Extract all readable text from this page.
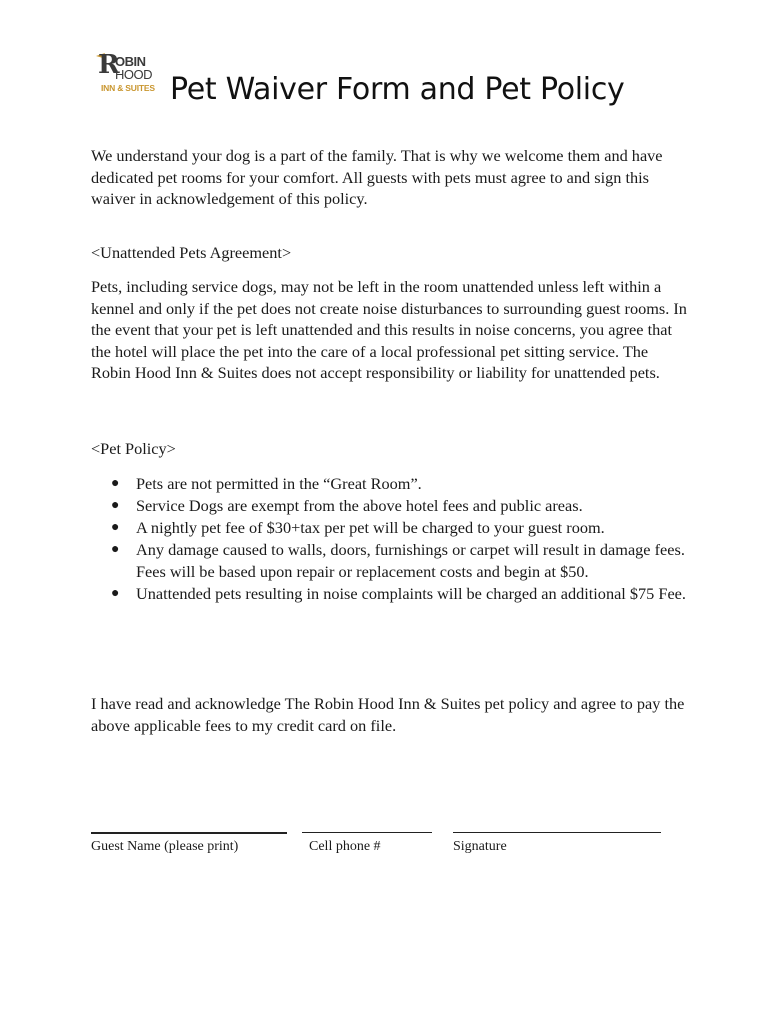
R
OBIN
HOOD
INN & SUITES Pet Waiver Form and Pet Policy
We understand your dog is a part of the family. That is why we welcome them and have dedicated pet rooms for your comfort. All guests with pets must agree to and sign this waiver in acknowledgement of this policy.
<Unattended Pets Agreement>
Pets, including service dogs, may not be left in the room unattended unless left within a kennel and only if the pet does not create noise disturbances to surrounding guest rooms. In the event that your pet is left unattended and this results in noise concerns, you agree that the hotel will place the pet into the care of a local professional pet sitting service. The Robin Hood Inn & Suites does not accept responsibility or liability for unattended pets.
<Pet Policy>
● Pets are not permitted in the “Great Room”.
● Service Dogs are exempt from the above hotel fees and public areas.
● A nightly pet fee of $30+tax per pet will be charged to your guest room.
● Any damage caused to walls, doors, furnishings or carpet will result in damage fees. Fees will be based upon repair or replacement costs and begin at $50.
● Unattended pets resulting in noise complaints will be charged an additional $75 Fee.
I have read and acknowledge The Robin Hood Inn & Suites pet policy and agree to pay the above applicable fees to my credit card on file.
Guest Name (please print)	Cell phone #	Signature
